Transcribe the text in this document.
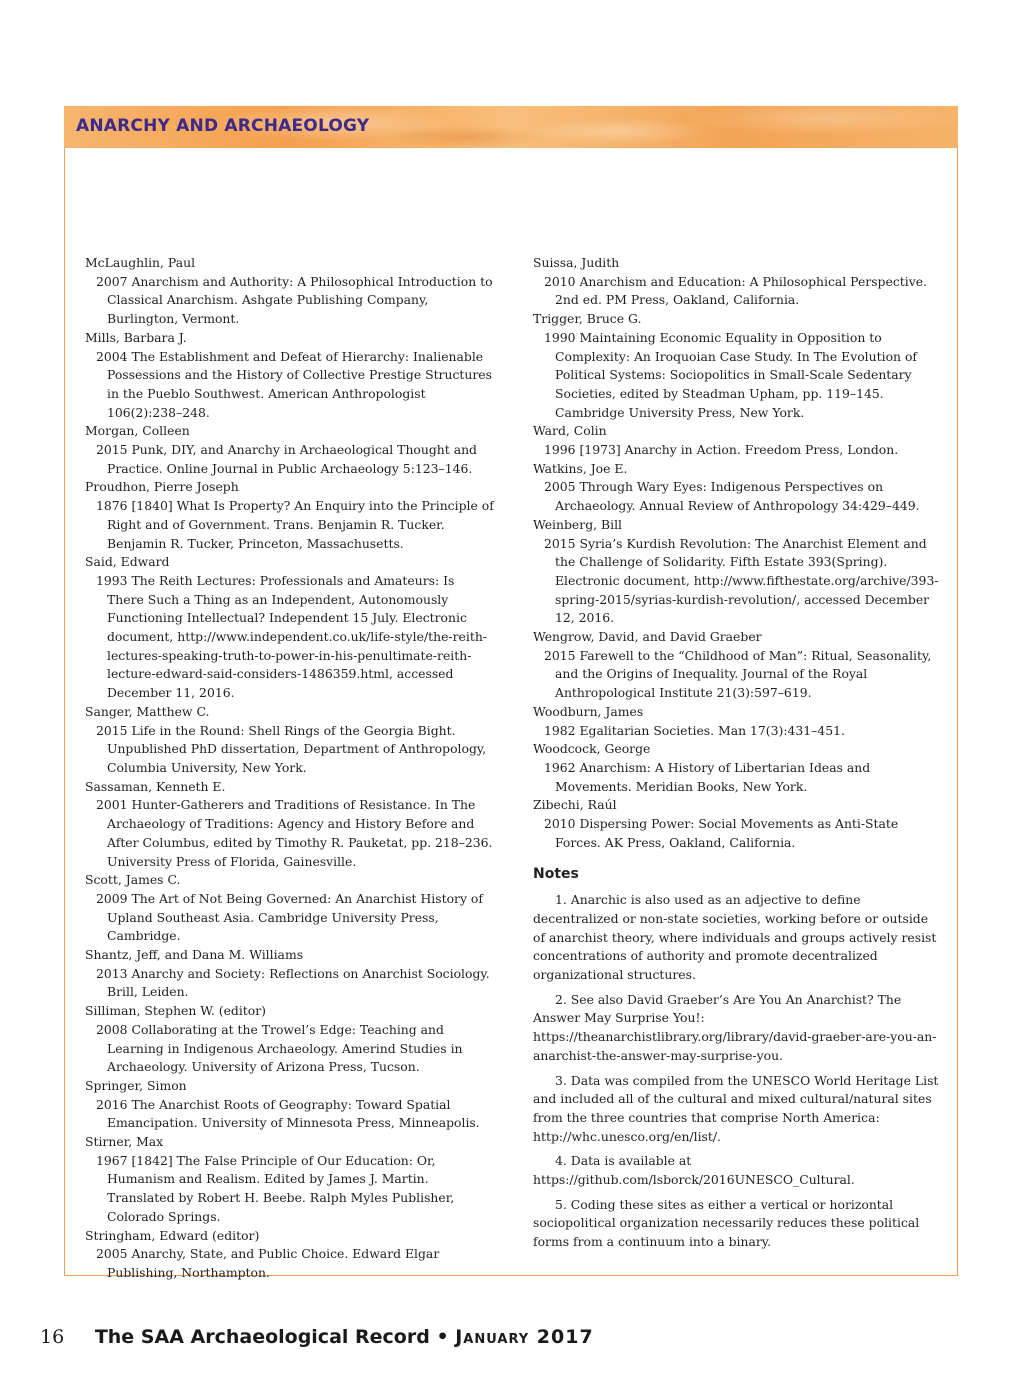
ANARCHY AND ARCHAEOLOGY

McLaughlin, Paul

2007 Anarchism and Authority: A Philosophical Introduction to Classical Anarchism. Ashgate Publishing Company, Burlington, Vermont.

Mills, Barbara J.

2004 The Establishment and Defeat of Hierarchy: Inalienable Possessions and the History of Collective Prestige Structures in the Pueblo Southwest. American Anthropologist 106(2):238–248.

Morgan, Colleen

2015 Punk, DIY, and Anarchy in Archaeological Thought and Practice. Online Journal in Public Archaeology 5:123–146.

Proudhon, Pierre Joseph

1876 [1840] What Is Property? An Enquiry into the Principle of Right and of Government. Trans. Benjamin R. Tucker. Benjamin R. Tucker, Princeton, Massachusetts.

Said, Edward

1993 The Reith Lectures: Professionals and Amateurs: Is There Such a Thing as an Independent, Autonomously Functioning Intellectual? Independent 15 July. Electronic document, http://www.independent.co.uk/life-style/the-reith-lectures-speaking-truth-to-power-in-his-penultimate-reith-lecture-edward-said-considers-1486359.html, accessed December 11, 2016.

Sanger, Matthew C.

2015 Life in the Round: Shell Rings of the Georgia Bight. Unpublished PhD dissertation, Department of Anthropology, Columbia University, New York.

Sassaman, Kenneth E.

2001 Hunter-Gatherers and Traditions of Resistance. In The Archaeology of Traditions: Agency and History Before and After Columbus, edited by Timothy R. Pauketat, pp. 218–236. University Press of Florida, Gainesville.

Scott, James C.

2009 The Art of Not Being Governed: An Anarchist History of Upland Southeast Asia. Cambridge University Press, Cambridge.

Shantz, Jeff, and Dana M. Williams

2013 Anarchy and Society: Reflections on Anarchist Sociology. Brill, Leiden.

Silliman, Stephen W. (editor)

2008 Collaborating at the Trowel’s Edge: Teaching and Learning in Indigenous Archaeology. Amerind Studies in Archaeology. University of Arizona Press, Tucson.

Springer, Simon

2016 The Anarchist Roots of Geography: Toward Spatial Emancipation. University of Minnesota Press, Minneapolis.

Stirner, Max

1967 [1842] The False Principle of Our Education: Or, Humanism and Realism. Edited by James J. Martin. Translated by Robert H. Beebe. Ralph Myles Publisher, Colorado Springs.

Stringham, Edward (editor)

2005 Anarchy, State, and Public Choice. Edward Elgar Publishing, Northampton.

Suissa, Judith

2010 Anarchism and Education: A Philosophical Perspective. 2nd ed. PM Press, Oakland, California.

Trigger, Bruce G.

1990 Maintaining Economic Equality in Opposition to Complexity: An Iroquoian Case Study. In The Evolution of Political Systems: Sociopolitics in Small-Scale Sedentary Societies, edited by Steadman Upham, pp. 119–145. Cambridge University Press, New York.

Ward, Colin

1996 [1973] Anarchy in Action. Freedom Press, London.

Watkins, Joe E.

2005 Through Wary Eyes: Indigenous Perspectives on Archaeology. Annual Review of Anthropology 34:429–449.

Weinberg, Bill

2015 Syria’s Kurdish Revolution: The Anarchist Element and the Challenge of Solidarity. Fifth Estate 393(Spring). Electronic document, http://www.fifthestate.org/archive/393-spring-2015/syrias-kurdish-revolution/, accessed December 12, 2016.

Wengrow, David, and David Graeber

2015 Farewell to the “Childhood of Man”: Ritual, Seasonality, and the Origins of Inequality. Journal of the Royal Anthropological Institute 21(3):597–619.

Woodburn, James

1982 Egalitarian Societies. Man 17(3):431–451.

Woodcock, George

1962 Anarchism: A History of Libertarian Ideas and Movements. Meridian Books, New York.

Zibechi, Raúl

2010 Dispersing Power: Social Movements as Anti-State Forces. AK Press, Oakland, California.

Notes

1. Anarchic is also used as an adjective to define decentralized or non-state societies, working before or outside of anarchist theory, where individuals and groups actively resist concentrations of authority and promote decentralized organizational structures.

2. See also David Graeber’s Are You An Anarchist? The Answer May Surprise You!: https://theanarchistlibrary.org/library/david-graeber-are-you-an-anarchist-the-answer-may-surprise-you.

3. Data was compiled from the UNESCO World Heritage List and included all of the cultural and mixed cultural/natural sites from the three countries that comprise North America: http://whc.unesco.org/en/list/.

4. Data is available at https://github.com/lsborck/2016UNESCO_Cultural.

5. Coding these sites as either a vertical or horizontal sociopolitical organization necessarily reduces these political forms from a continuum into a binary.

16 The SAA Archaeological Record • January 2017
